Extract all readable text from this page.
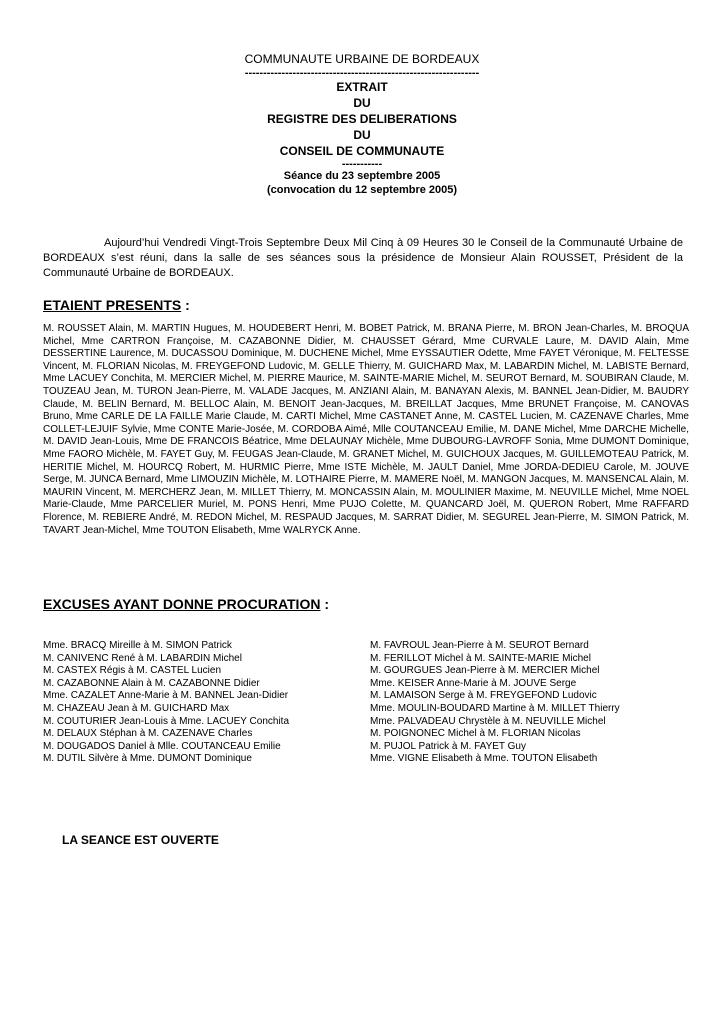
COMMUNAUTE URBAINE DE BORDEAUX
----------------------------------------------------------------
EXTRAIT
DU
REGISTRE DES DELIBERATIONS
DU
CONSEIL DE COMMUNAUTE
-----------
Séance du 23 septembre 2005
(convocation du 12 septembre 2005)

Aujourd’hui Vendredi Vingt-Trois Septembre Deux Mil Cinq à 09 Heures 30 le Conseil de la Communauté Urbaine de BORDEAUX s’est réuni, dans la salle de ses séances sous la présidence de Monsieur Alain ROUSSET, Président de la Communauté Urbaine de BORDEAUX.

ETAIENT PRESENTS :

M. ROUSSET Alain, M. MARTIN Hugues, M. HOUDEBERT Henri, M. BOBET Patrick, M. BRANA Pierre, M. BRON Jean-Charles, M. BROQUA Michel, Mme CARTRON Françoise, M. CAZABONNE Didier, M. CHAUSSET Gérard, Mme CURVALE Laure, M. DAVID Alain, Mme DESSERTINE Laurence, M. DUCASSOU Dominique, M. DUCHENE Michel, Mme EYSSAUTIER Odette, Mme FAYET Véronique, M. FELTESSE Vincent, M. FLORIAN Nicolas, M. FREYGEFOND Ludovic, M. GELLE Thierry, M. GUICHARD Max, M. LABARDIN Michel, M. LABISTE Bernard, Mme LACUEY Conchita, M. MERCIER Michel, M. PIERRE Maurice, M. SAINTE-MARIE Michel, M. SEUROT Bernard, M. SOUBIRAN Claude, M. TOUZEAU Jean, M. TURON Jean-Pierre, M. VALADE Jacques, M. ANZIANI Alain, M. BANAYAN Alexis, M. BANNEL Jean-Didier, M. BAUDRY Claude, M. BELIN Bernard, M. BELLOC Alain, M. BENOIT Jean-Jacques, M. BREILLAT Jacques, Mme BRUNET Françoise, M. CANOVAS Bruno, Mme CARLE DE LA FAILLE Marie Claude, M. CARTI Michel, Mme CASTANET Anne, M. CASTEL Lucien, M. CAZENAVE Charles, Mme COLLET-LEJUIF Sylvie, Mme CONTE Marie-Josée, M. CORDOBA Aimé, Mlle COUTANCEAU Emilie, M. DANE Michel, Mme DARCHE Michelle, M. DAVID Jean-Louis, Mme DE FRANCOIS Béatrice, Mme DELAUNAY Michèle, Mme DUBOURG-LAVROFF Sonia, Mme DUMONT Dominique, Mme FAORO Michèle, M. FAYET Guy, M. FEUGAS Jean-Claude, M. GRANET Michel, M. GUICHOUX Jacques, M. GUILLEMOTEAU Patrick, M. HERITIE Michel, M. HOURCQ Robert, M. HURMIC Pierre, Mme ISTE Michèle, M. JAULT Daniel, Mme JORDA-DEDIEU Carole, M. JOUVE Serge, M. JUNCA Bernard, Mme LIMOUZIN Michèle, M. LOTHAIRE Pierre, M. MAMERE Noël, M. MANGON Jacques, M. MANSENCAL Alain, M. MAURIN Vincent, M. MERCHERZ Jean, M. MILLET Thierry, M. MONCASSIN Alain, M. MOULINIER Maxime, M. NEUVILLE Michel, Mme NOEL Marie-Claude, Mme PARCELIER Muriel, M. PONS Henri, Mme PUJO Colette, M. QUANCARD Joël, M. QUERON Robert, Mme RAFFARD Florence, M. REBIERE André, M. REDON Michel, M. RESPAUD Jacques, M. SARRAT Didier, M. SEGUREL Jean-Pierre, M. SIMON Patrick, M. TAVART Jean-Michel, Mme TOUTON Elisabeth, Mme WALRYCK Anne.

EXCUSES AYANT DONNE PROCURATION :
Mme. BRACQ Mireille à M. SIMON Patrick
M. CANIVENC René à M. LABARDIN Michel
M. CASTEX Régis à M. CASTEL Lucien
M. CAZABONNE Alain à M. CAZABONNE Didier
Mme. CAZALET Anne-Marie à M. BANNEL Jean-Didier
M. CHAZEAU Jean à M. GUICHARD Max
M. COUTURIER Jean-Louis à Mme. LACUEY Conchita
M. DELAUX Stéphan à M. CAZENAVE Charles
M. DOUGADOS Daniel à Mlle. COUTANCEAU Emilie
M. DUTIL Silvère à Mme. DUMONT Dominique
M. FAVROUL Jean-Pierre à M. SEUROT Bernard
M. FERILLOT Michel à M. SAINTE-MARIE Michel
M. GOURGUES Jean-Pierre à M. MERCIER Michel
Mme. KEISER Anne-Marie à M. JOUVE Serge
M. LAMAISON Serge à M. FREYGEFOND Ludovic
Mme. MOULIN-BOUDARD Martine à M. MILLET Thierry
Mme. PALVADEAU Chrystèle à M. NEUVILLE Michel
M. POIGNONEC Michel à M. FLORIAN Nicolas
M. PUJOL Patrick à M. FAYET Guy
Mme. VIGNE Elisabeth à Mme. TOUTON Elisabeth
LA SEANCE EST OUVERTE
